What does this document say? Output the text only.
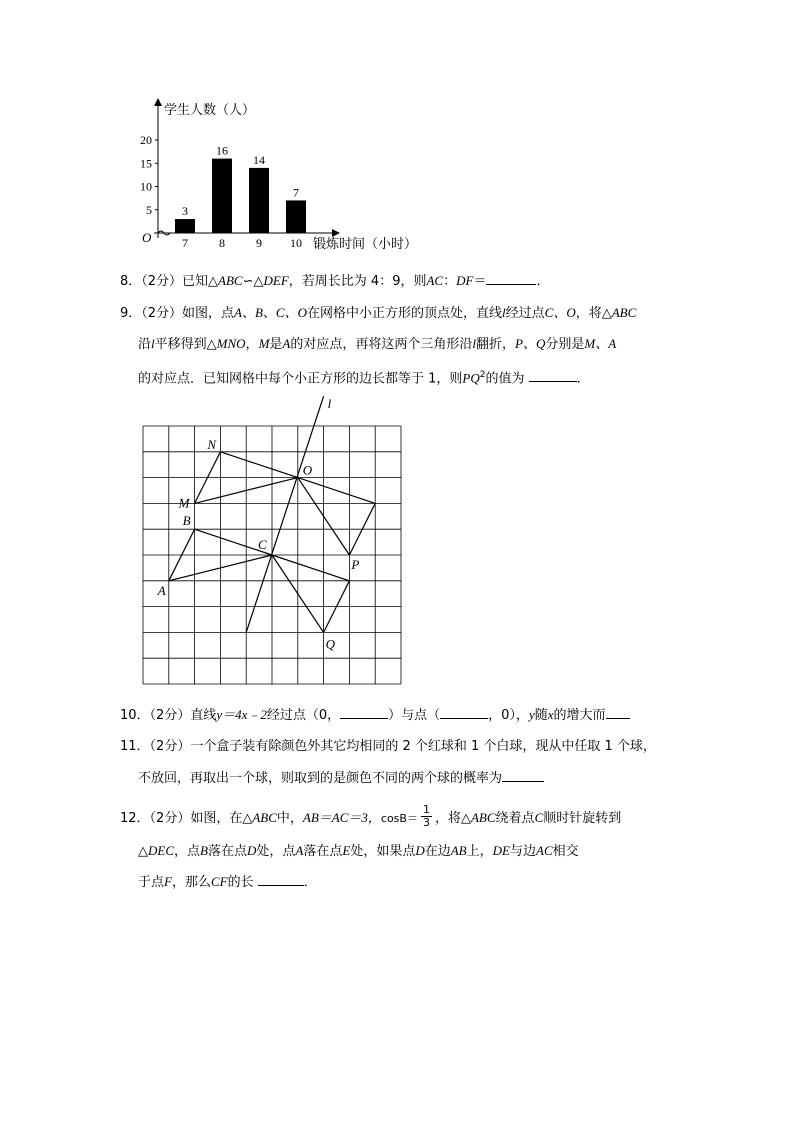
学生人数（人）
锻炼时间（小时）
O
5
10
15
20
3
7
16
8
14
9
7
10
8．（2分）已知△ABC∽△DEF，若周长比为 4：9，则AC：DF＝	．
9．（2分）如图，点A、B、C、O在网格中小正方形的顶点处，直线l经过点C、O，将△ABC
沿l平移得到△MNO，M是A的对应点，再将这两个三角形沿l翻折，P、Q分别是M、A
的对应点．已知网格中每个小正方形的边长都等于 1，则$PQ^2$的值为	．
l
N
O
M
B
C
P
A
Q
10．（2分）直线y＝4x﹣2经过点（0，	）与点（	，0），y随x的增大而
11．（2分）一个盒子装有除颜色外其它均相同的 2 个红球和 1 个白球，现从中任取 1 个球，
不放回，再取出一个球，则取到的是颜色不同的两个球的概率为
12．（2分）如图，在△ABC中，AB＝AC＝3，$\cos B= \frac{1}{3}$ ，将△ABC绕着点C顺时针旋转到
△DEC，点B落在点D处，点A落在点E处，如果点D在边AB上，DE与边AC相交
于点F，那么CF的长	．
